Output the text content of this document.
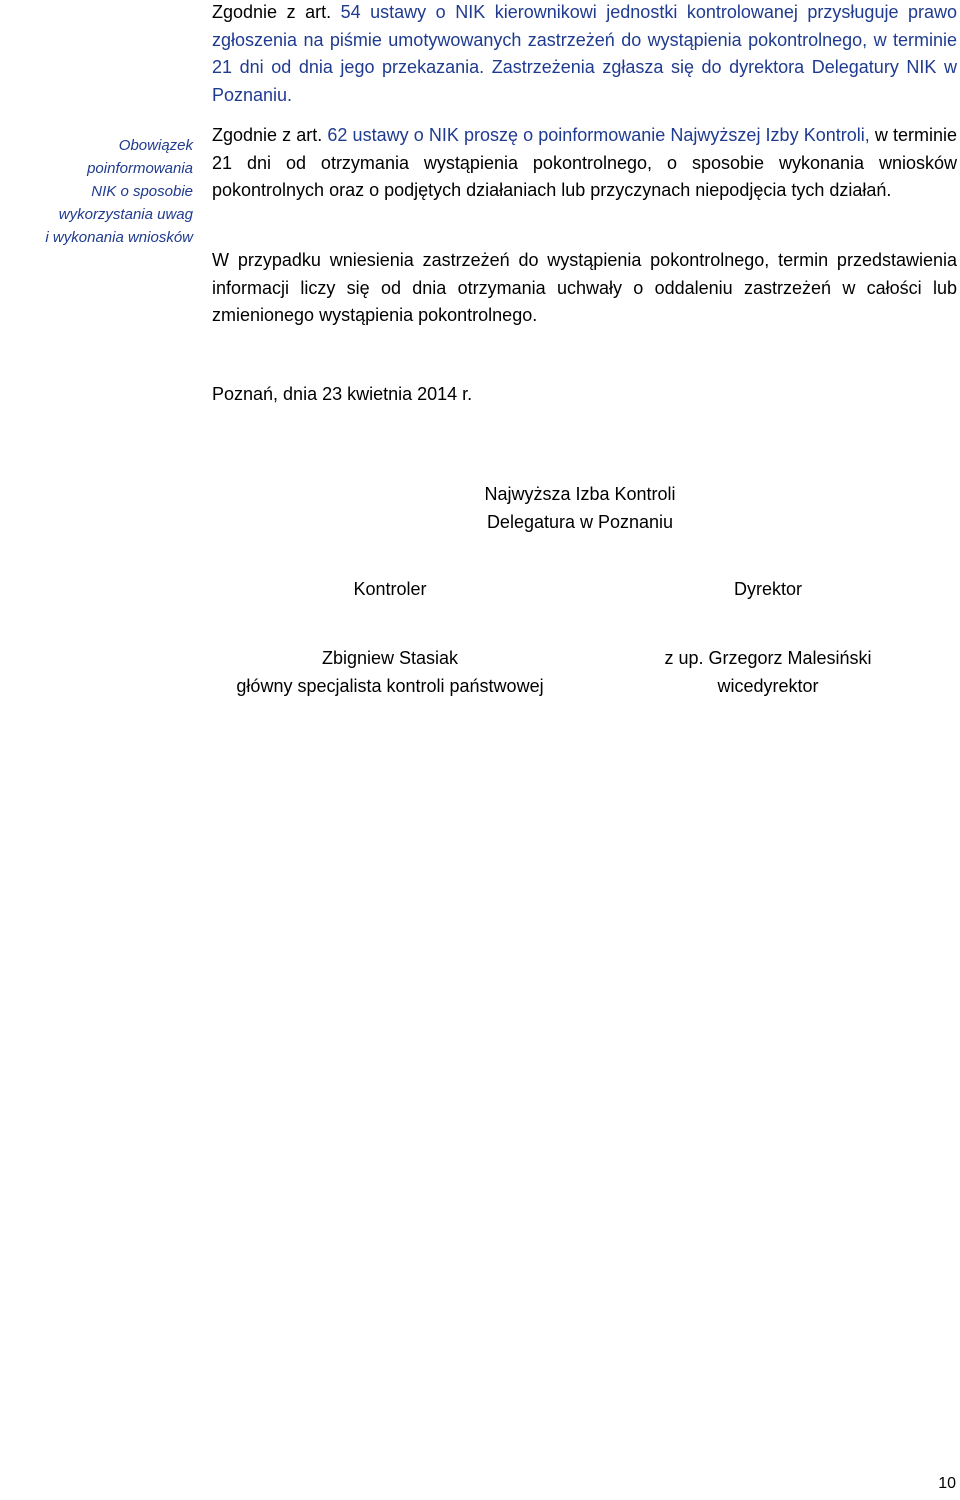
Obowiązek
poinformowania
NIK o sposobie
wykorzystania uwag
i wykonania wniosków

Zgodnie z art. 54 ustawy o NIK kierownikowi jednostki kontrolowanej przysługuje prawo zgłoszenia na piśmie umotywowanych zastrzeżeń do wystąpienia pokontrolnego, w terminie 21 dni od dnia jego przekazania. Zastrzeżenia zgłasza się do dyrektora Delegatury NIK w Poznaniu.

Zgodnie z art. 62 ustawy o NIK proszę o poinformowanie Najwyższej Izby Kontroli, w terminie 21 dni od otrzymania wystąpienia pokontrolnego, o sposobie wykonania wniosków pokontrolnych oraz o podjętych działaniach lub przyczynach niepodjęcia tych działań.

W przypadku wniesienia zastrzeżeń do wystąpienia pokontrolnego, termin przedstawienia informacji liczy się od dnia otrzymania uchwały o oddaleniu zastrzeżeń w całości lub zmienionego wystąpienia pokontrolnego.

Poznań, dnia 23 kwietnia 2014 r.
Najwyższa Izba Kontroli
Delegatura w Poznaniu
Kontroler	Dyrektor
Zbigniew Stasiak
główny specjalista kontroli państwowej
z up. Grzegorz Malesiński
wicedyrektor
10
